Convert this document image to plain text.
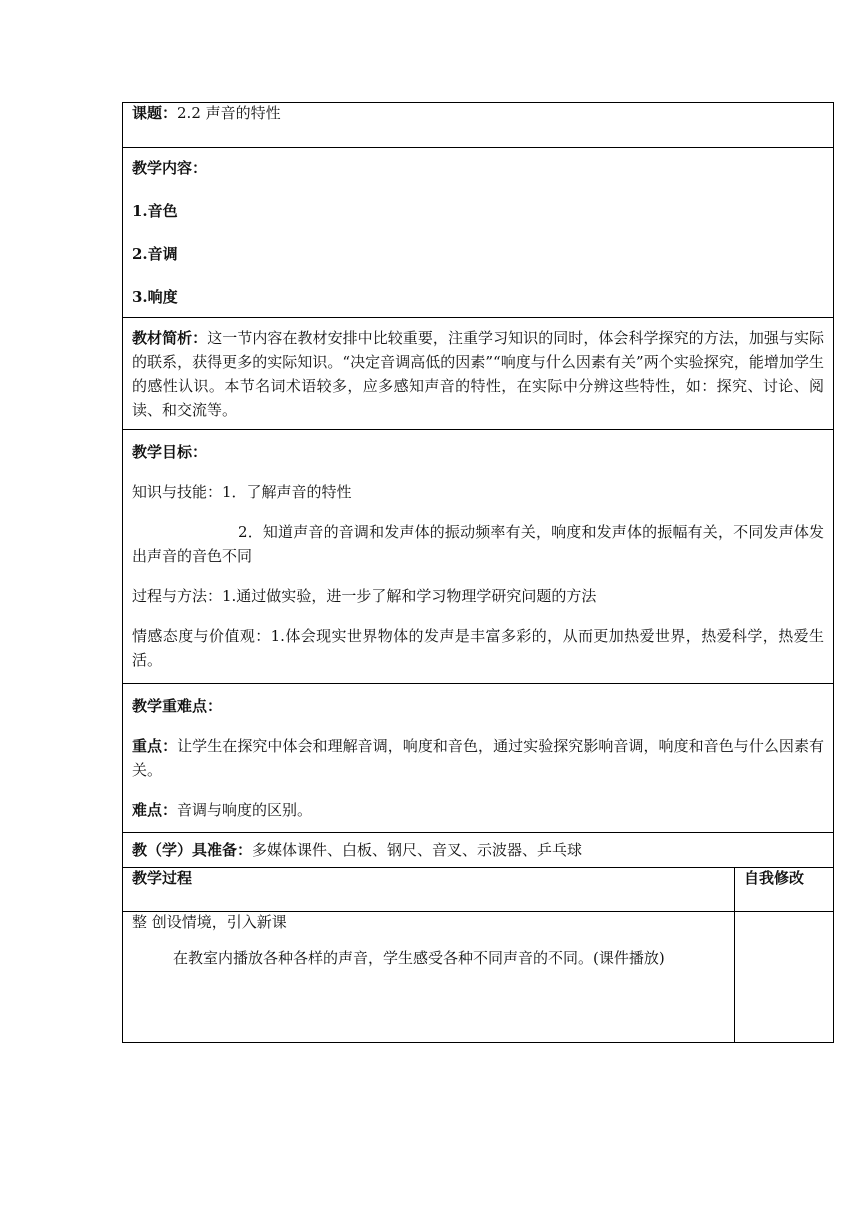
课题：2.2 声音的特性	

教学内容：

1.音色

2.音调

3.响度	

教材简析：这一节内容在教材安排中比较重要，注重学习知识的同时，体会科学探究的方法，加强与实际的联系，获得更多的实际知识。“决定音调高低的因素”“响度与什么因素有关”两个实验探究，能增加学生的感性认识。本节名词术语较多，应多感知声音的特性，在实际中分辨这些特性，如：探究、讨论、阅读、和交流等。	

教学目标：

知识与技能：1．了解声音的特性

2．知道声音的音调和发声体的振动频率有关，响度和发声体的振幅有关，不同发声体发出声音的音色不同

过程与方法：1.通过做实验，进一步了解和学习物理学研究问题的方法

情感态度与价值观：1.体会现实世界物体的发声是丰富多彩的，从而更加热爱世界，热爱科学，热爱生活。	

教学重难点：

重点：让学生在探究中体会和理解音调，响度和音色，通过实验探究影响音调，响度和音色与什么因素有关。

难点：音调与响度的区别。	

教（学）具准备：多媒体课件、白板、钢尺、音叉、示波器、乒乓球	
教学过程	自我修改

整 创设情境，引入新课

在教室内播放各种各样的声音，学生感受各种不同声音的不同。(课件播放)	
